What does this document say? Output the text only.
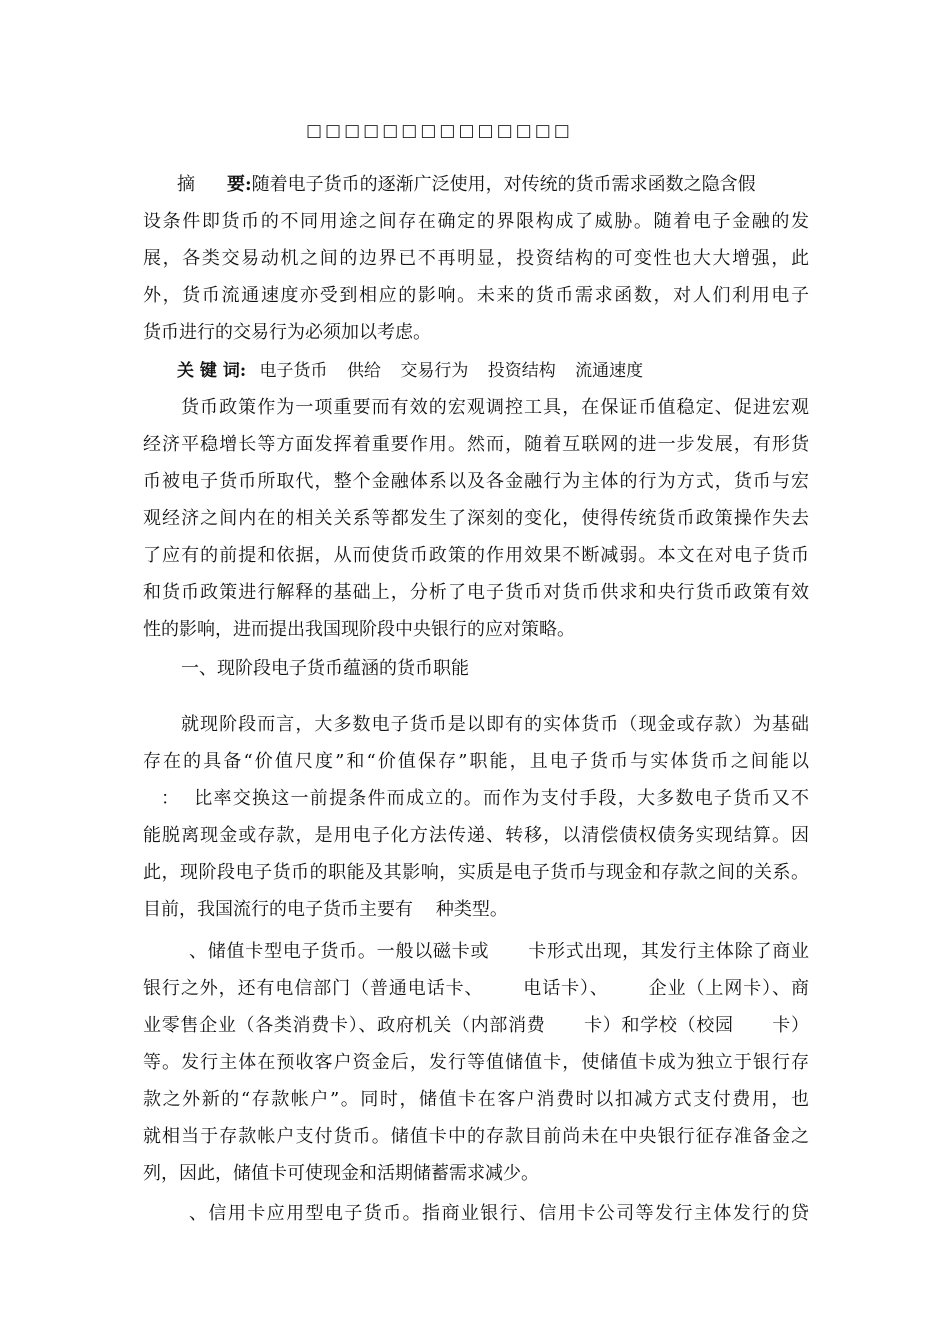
□□□□□□□□□□□□□□
摘 要:随着电子货币的逐渐广泛使用，对传统的货币需求函数之隐含假
设条件即货币的不同用途之间存在确定的界限构成了威胁。随着电子金融的发
展，各类交易动机之间的边界已不再明显，投资结构的可变性也大大增强，此
外，货币流通速度亦受到相应的影响。未来的货币需求函数，对人们利用电子
货币进行的交易行为必须加以考虑。
关 键 词: 电子货币 供给 交易行为 投资结构 流通速度
货币政策作为一项重要而有效的宏观调控工具，在保证币值稳定、促进宏观
经济平稳增长等方面发挥着重要作用。然而，随着互联网的进一步发展，有形货
币被电子货币所取代，整个金融体系以及各金融行为主体的行为方式，货币与宏
观经济之间内在的相关关系等都发生了深刻的变化，使得传统货币政策操作失去
了应有的前提和依据，从而使货币政策的作用效果不断减弱。本文在对电子货币
和货币政策进行解释的基础上，分析了电子货币对货币供求和央行货币政策有效
性的影响，进而提出我国现阶段中央银行的应对策略。
一、现阶段电子货币蕴涵的货币职能
就现阶段而言，大多数电子货币是以即有的实体货币（现金或存款）为基础
存在的具备“价值尺度”和“价值保存”职能，且电子货币与实体货币之间能以
：  比率交换这一前提条件而成立的。而作为支付手段，大多数电子货币又不
能脱离现金或存款，是用电子化方法传递、转移，以清偿债权债务实现结算。因
此，现阶段电子货币的职能及其影响，实质是电子货币与现金和存款之间的关系。
目前，我国流行的电子货币主要有    种类型。
、储值卡型电子货币。一般以磁卡或      卡形式出现，其发行主体除了商业
银行之外，还有电信部门（普通电话卡、      电话卡）、      企业（上网卡）、商
业零售企业（各类消费卡）、政府机关（内部消费      卡）和学校（校园      卡）
等。发行主体在预收客户资金后，发行等值储值卡，使储值卡成为独立于银行存
款之外新的“存款帐户”。同时，储值卡在客户消费时以扣减方式支付费用，也
就相当于存款帐户支付货币。储值卡中的存款目前尚未在中央银行征存准备金之
列，因此，储值卡可使现金和活期储蓄需求减少。
、信用卡应用型电子货币。指商业银行、信用卡公司等发行主体发行的贷
